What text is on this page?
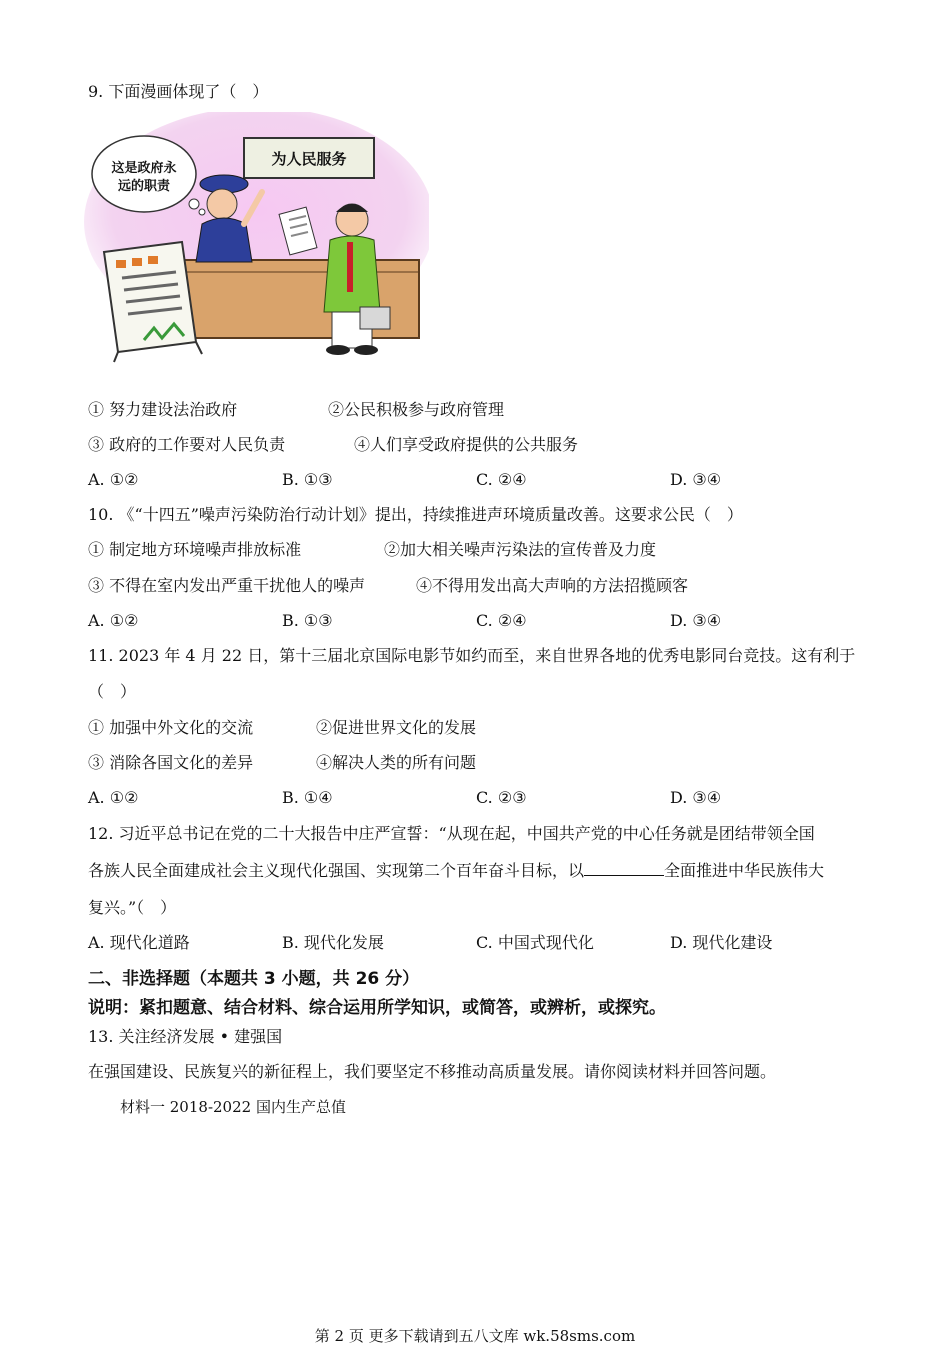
9. 下面漫画体现了（　）
为人民服务
这是政府永
远的职责
① 努力建设法治政府	②公民积极参与政府管理
③ 政府的工作要对人民负责	④人们享受政府提供的公共服务
A. ①②	B. ①③	C. ②④	D. ③④
10. 《“十四五”噪声污染防治行动计划》提出，持续推进声环境质量改善。这要求公民（　）
① 制定地方环境噪声排放标准	②加大相关噪声污染法的宣传普及力度
③ 不得在室内发出严重干扰他人的噪声	④不得用发出高大声响的方法招揽顾客
A. ①②	B. ①③	C. ②④	D. ③④
11. 2023 年 4 月 22 日，第十三届北京国际电影节如约而至，来自世界各地的优秀电影同台竞技。这有利于
（　）
① 加强中外文化的交流	②促进世界文化的发展
③ 消除各国文化的差异	④解决人类的所有问题
A. ①②	B. ①④	C. ②③	D. ③④
12. 习近平总书记在党的二十大报告中庄严宣誓：“从现在起，中国共产党的中心任务就是团结带领全国
各族人民全面建成社会主义现代化强国、实现第二个百年奋斗目标，以	全面推进中华民族伟大
复兴。”（　）
A. 现代化道路	B. 现代化发展	C. 中国式现代化	D. 现代化建设
二、非选择题（本题共 3 小题，共 26 分）
说明：紧扣题意、结合材料、综合运用所学知识，或简答，或辨析，或探究。
13. 关注经济发展 • 建强国
在强国建设、民族复兴的新征程上，我们要坚定不移推动高质量发展。请你阅读材料并回答问题。
材料一 2018-2022 国内生产总值
第 2 页 更多下载请到五八文库 wk.58sms.com
